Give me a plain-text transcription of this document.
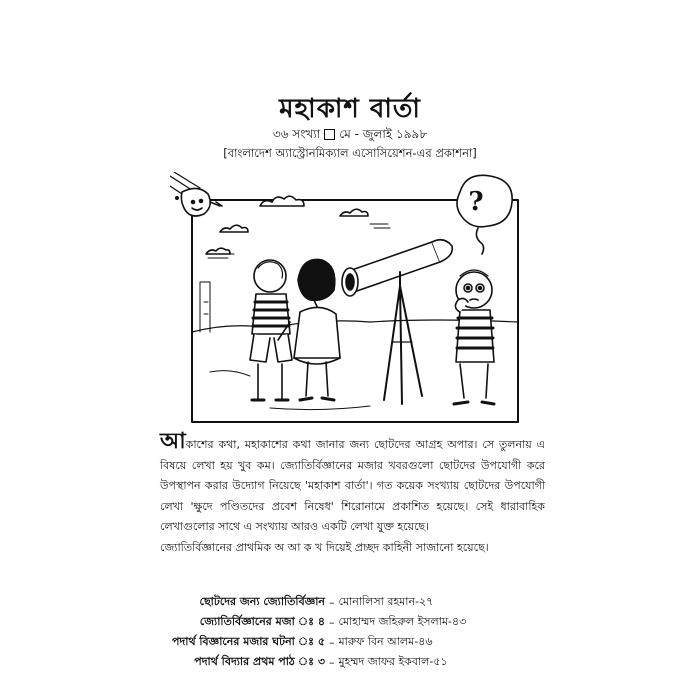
মহাকাশ বার্তা
৩৬ সংখ্যা মে - জুলাই ১৯৯৮
[বাংলাদেশ অ্যাস্ট্রোনমিক্যাল এসোসিয়েশন-এর প্রকাশনা]
?

আকাশের কথা, মহাকাশের কথা জানার জন্য ছোটদের আগ্রহ অপার। সে তুলনায় এ বিষয়ে লেখা হয় খুব কম। জ্যোতির্বিজ্ঞানের মজার খবরগুলো ছোটদের উপযোগী করে উপস্থাপন করার উদ্যোগ নিয়েছে 'মহাকাশ বার্তা'। গত কয়েক সংখ্যায় ছোটদের উপযোগী লেখা 'ক্ষুদে পণ্ডিতদের প্রবেশ নিষেধ' শিরোনামে প্রকাশিত হয়েছে। সেই ধারাবাহিক লেখাগুলোর সাথে এ সংখ্যায় আরও একটি লেখা যুক্ত হয়েছে।

জ্যোতির্বিজ্ঞানের প্রাথমিক অ আ ক খ দিয়েই প্রচ্ছদ কাহিনী সাজানো হয়েছে।

ছোটদের জন্য জ্যোতির্বিজ্ঞান – মোনালিসা রহমান-২৭
জ্যোতির্বিজ্ঞানের মজা ঃ ৪ – মোহাম্মদ জহিরুল ইসলাম-৪৩
পদার্থ বিজ্ঞানের মজার ঘটনা ঃ ৫ – মারুফ বিন আলম-৪৬
পদার্থ বিদ্যার প্রথম পাঠ ঃ ৩ – মুহম্মদ জাফর ইকবাল-৫১
